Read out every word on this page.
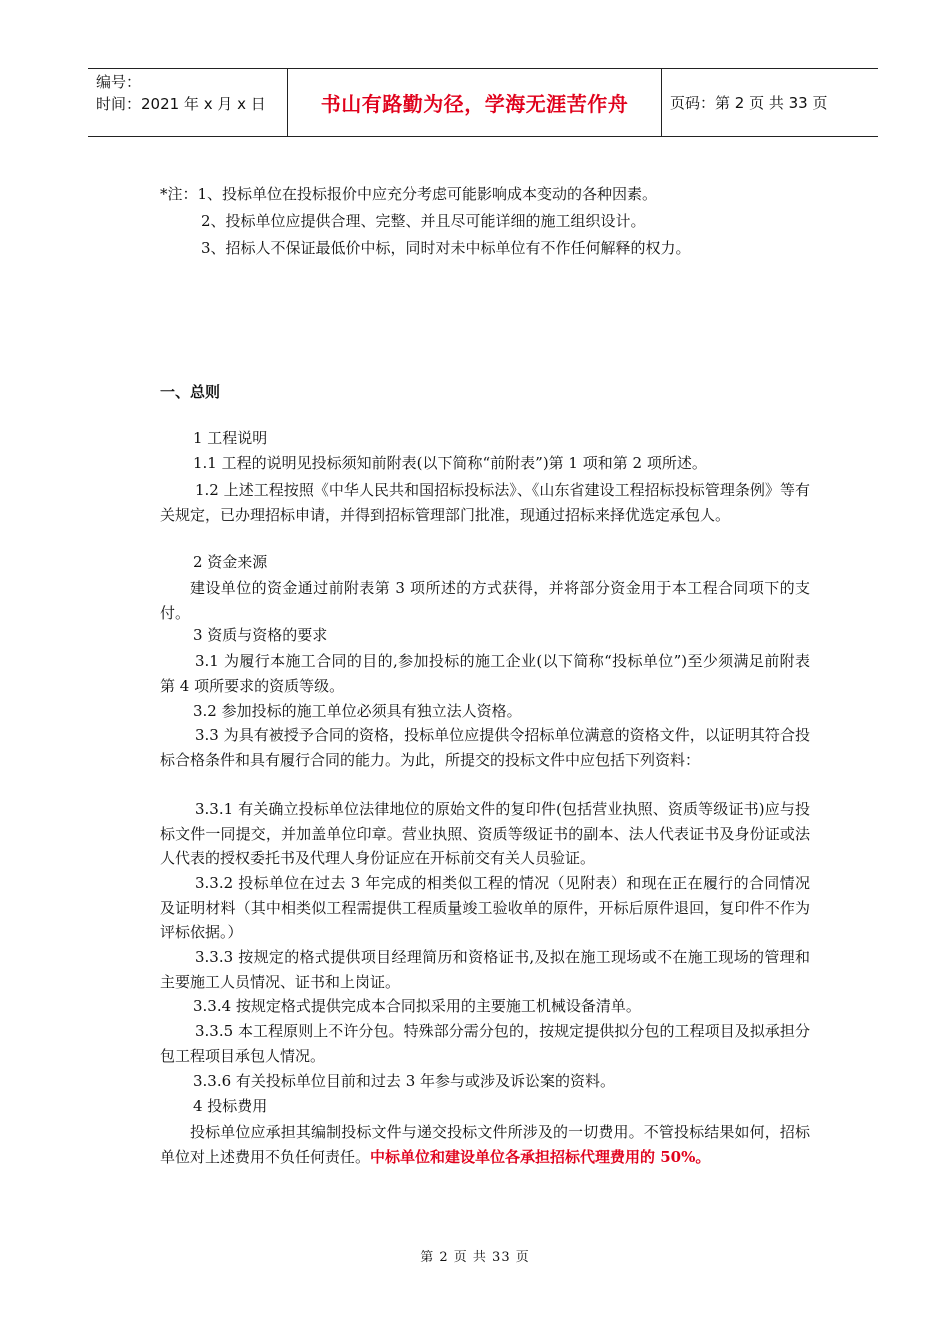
编号：
时间：2021 年 x 月 x 日	书山有路勤为径，学海无涯苦作舟	页码：第 2 页 共 33 页
*注：1、投标单位在投标报价中应充分考虑可能影响成本变动的各种因素。
2、投标单位应提供合理、完整、并且尽可能详细的施工组织设计。
3、招标人不保证最低价中标，同时对未中标单位有不作任何解释的权力。
一、总则
1 工程说明
1.1 工程的说明见投标须知前附表(以下简称“前附表”)第 1 项和第 2 项所述。
1.2 上述工程按照《中华人民共和国招标投标法》、《山东省建设工程招标投标管理条例》等有关规定，已办理招标申请，并得到招标管理部门批准，现通过招标来择优选定承包人。
2 资金来源
建设单位的资金通过前附表第 3 项所述的方式获得，并将部分资金用于本工程合同项下的支付。
3 资质与资格的要求
3.1 为履行本施工合同的目的,参加投标的施工企业(以下简称“投标单位”)至少须满足前附表第 4 项所要求的资质等级。
3.2 参加投标的施工单位必须具有独立法人资格。
3.3 为具有被授予合同的资格，投标单位应提供令招标单位满意的资格文件，以证明其符合投标合格条件和具有履行合同的能力。为此，所提交的投标文件中应包括下列资料：
3.3.1 有关确立投标单位法律地位的原始文件的复印件(包括营业执照、资质等级证书)应与投标文件一同提交，并加盖单位印章。营业执照、资质等级证书的副本、法人代表证书及身份证或法人代表的授权委托书及代理人身份证应在开标前交有关人员验证。
3.3.2 投标单位在过去 3 年完成的相类似工程的情况（见附表）和现在正在履行的合同情况及证明材料（其中相类似工程需提供工程质量竣工验收单的原件，开标后原件退回，复印件不作为评标依据。）
3.3.3 按规定的格式提供项目经理简历和资格证书,及拟在施工现场或不在施工现场的管理和主要施工人员情况、证书和上岗证。
3.3.4 按规定格式提供完成本合同拟采用的主要施工机械设备清单。
3.3.5 本工程原则上不许分包。特殊部分需分包的，按规定提供拟分包的工程项目及拟承担分包工程项目承包人情况。
3.3.6 有关投标单位目前和过去 3 年参与或涉及诉讼案的资料。
4 投标费用
投标单位应承担其编制投标文件与递交投标文件所涉及的一切费用。不管投标结果如何，招标单位对上述费用不负任何责任。中标单位和建设单位各承担招标代理费用的 50%。
第 2 页 共 33 页
